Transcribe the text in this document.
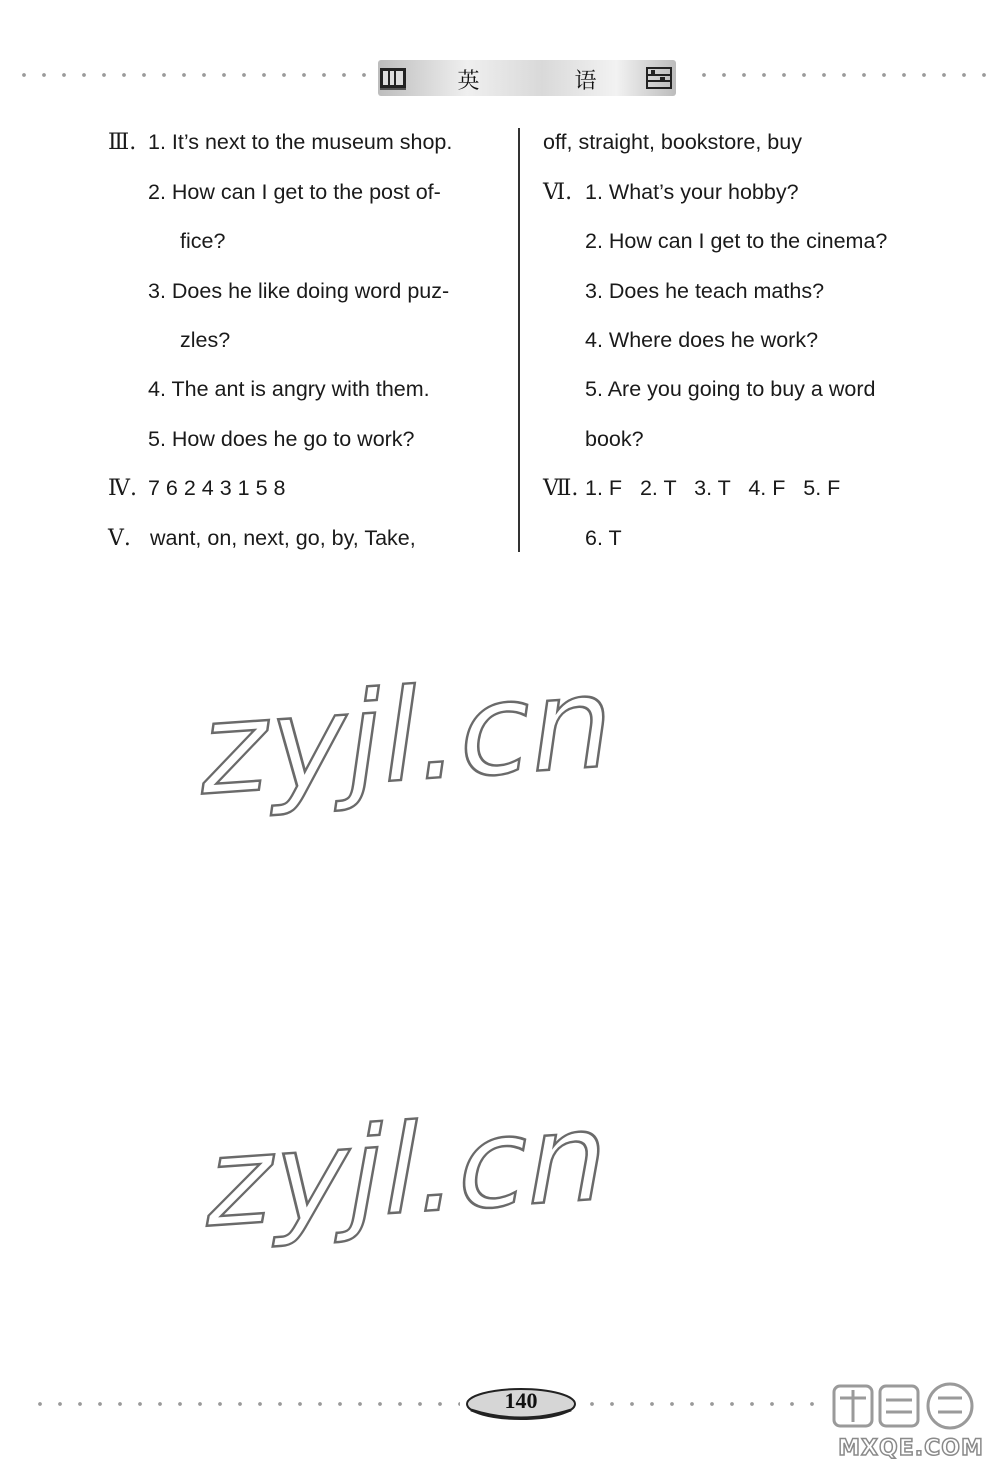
英 语
Ⅲ. 1. It’s next to the museum shop.
2. How can I get to the post of-
fice?
3. Does he like doing word puz-
zles?
4. The ant is angry with them.
5. How does he go to work?
Ⅳ. 7 6 2 4 3 1 5 8
Ⅴ. want, on, next, go, by, Take,
off, straight, bookstore, buy
Ⅵ. 1. What’s your hobby?
2. How can I get to the cinema?
3. Does he teach maths?
4. Where does he work?
5. Are you going to buy a word
book?
Ⅶ. 1. F   2. T   3. T   4. F   5. F
6. T
zyjl.cn
zyjl.cn
140
MXQE.COM
